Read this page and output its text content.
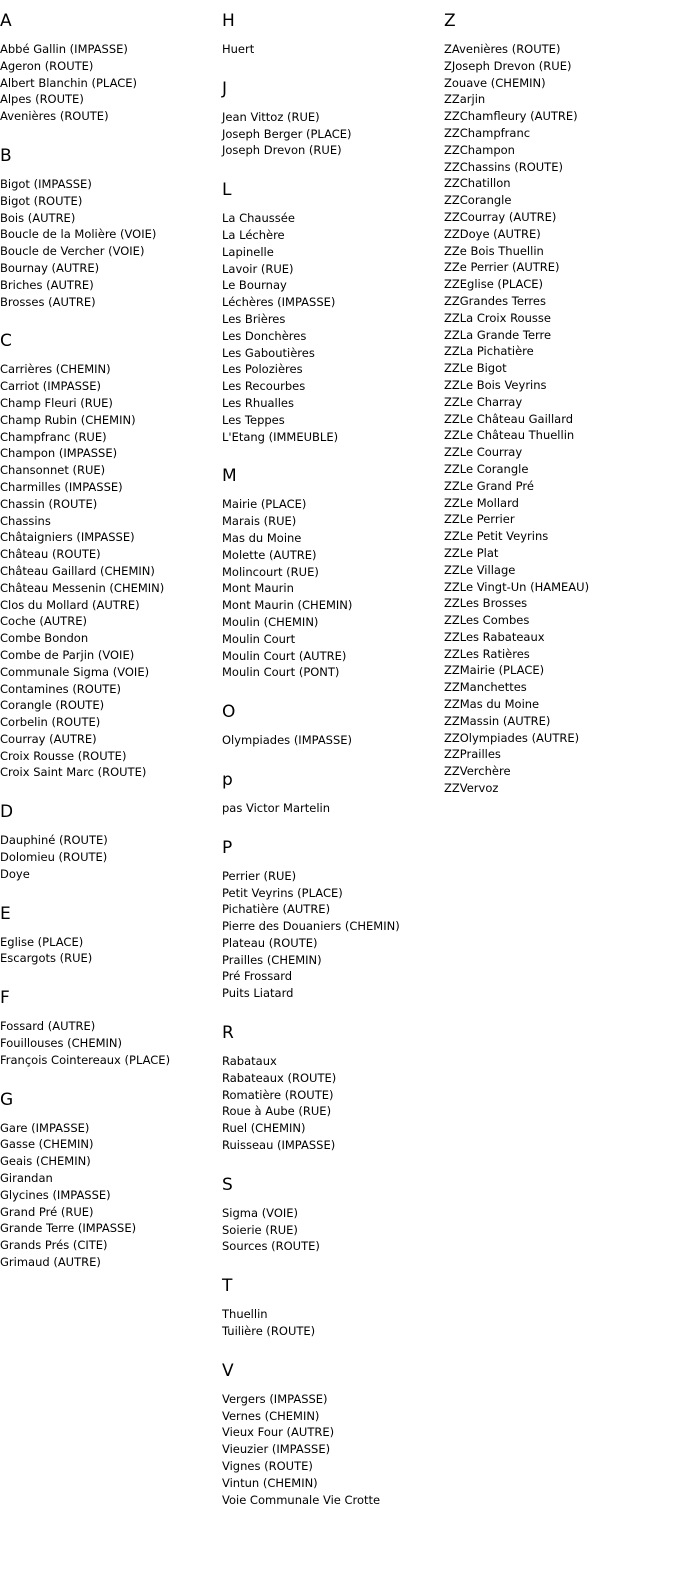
A
Abbé Gallin (IMPASSE)
Ageron (ROUTE)
Albert Blanchin (PLACE)
Alpes (ROUTE)
Avenières (ROUTE)
B
Bigot (IMPASSE)
Bigot (ROUTE)
Bois (AUTRE)
Boucle de la Molière (VOIE)
Boucle de Vercher (VOIE)
Bournay (AUTRE)
Briches (AUTRE)
Brosses (AUTRE)
C
Carrières (CHEMIN)
Carriot (IMPASSE)
Champ Fleuri (RUE)
Champ Rubin (CHEMIN)
Champfranc (RUE)
Champon (IMPASSE)
Chansonnet (RUE)
Charmilles (IMPASSE)
Chassin (ROUTE)
Chassins
Châtaigniers (IMPASSE)
Château (ROUTE)
Château Gaillard (CHEMIN)
Château Messenin (CHEMIN)
Clos du Mollard (AUTRE)
Coche (AUTRE)
Combe Bondon
Combe de Parjin (VOIE)
Communale Sigma (VOIE)
Contamines (ROUTE)
Corangle (ROUTE)
Corbelin (ROUTE)
Courray (AUTRE)
Croix Rousse (ROUTE)
Croix Saint Marc (ROUTE)
D
Dauphiné (ROUTE)
Dolomieu (ROUTE)
Doye
E
Eglise (PLACE)
Escargots (RUE)
F
Fossard (AUTRE)
Fouillouses (CHEMIN)
François Cointereaux (PLACE)
G
Gare (IMPASSE)
Gasse (CHEMIN)
Geais (CHEMIN)
Girandan
Glycines (IMPASSE)
Grand Pré (RUE)
Grande Terre (IMPASSE)
Grands Prés (CITE)
Grimaud (AUTRE)
H
Huert
J
Jean Vittoz (RUE)
Joseph Berger (PLACE)
Joseph Drevon (RUE)
L
La Chaussée
La Léchère
Lapinelle
Lavoir (RUE)
Le Bournay
Léchères (IMPASSE)
Les Brières
Les Donchères
Les Gaboutières
Les Polozières
Les Recourbes
Les Rhualles
Les Teppes
L'Etang (IMMEUBLE)
M
Mairie (PLACE)
Marais (RUE)
Mas du Moine
Molette (AUTRE)
Molincourt (RUE)
Mont Maurin
Mont Maurin (CHEMIN)
Moulin (CHEMIN)
Moulin Court
Moulin Court (AUTRE)
Moulin Court (PONT)
O
Olympiades (IMPASSE)
p
pas Victor Martelin
P
Perrier (RUE)
Petit Veyrins (PLACE)
Pichatière (AUTRE)
Pierre des Douaniers (CHEMIN)
Plateau (ROUTE)
Prailles (CHEMIN)
Pré Frossard
Puits Liatard
R
Rabataux
Rabateaux (ROUTE)
Romatière (ROUTE)
Roue à Aube (RUE)
Ruel (CHEMIN)
Ruisseau (IMPASSE)
S
Sigma (VOIE)
Soierie (RUE)
Sources (ROUTE)
T
Thuellin
Tuilière (ROUTE)
V
Vergers (IMPASSE)
Vernes (CHEMIN)
Vieux Four (AUTRE)
Vieuzier (IMPASSE)
Vignes (ROUTE)
Vintun (CHEMIN)
Voie Communale Vie Crotte
Z
ZAvenières (ROUTE)
ZJoseph Drevon (RUE)
Zouave (CHEMIN)
ZZarjin
ZZChamfleury (AUTRE)
ZZChampfranc
ZZChampon
ZZChassins (ROUTE)
ZZChatillon
ZZCorangle
ZZCourray (AUTRE)
ZZDoye (AUTRE)
ZZe Bois Thuellin
ZZe Perrier (AUTRE)
ZZEglise (PLACE)
ZZGrandes Terres
ZZLa Croix Rousse
ZZLa Grande Terre
ZZLa Pichatière
ZZLe Bigot
ZZLe Bois Veyrins
ZZLe Charray
ZZLe Château Gaillard
ZZLe Château Thuellin
ZZLe Courray
ZZLe Corangle
ZZLe Grand Pré
ZZLe Mollard
ZZLe Perrier
ZZLe Petit Veyrins
ZZLe Plat
ZZLe Village
ZZLe Vingt-Un (HAMEAU)
ZZLes Brosses
ZZLes Combes
ZZLes Rabateaux
ZZLes Ratières
ZZMairie (PLACE)
ZZManchettes
ZZMas du Moine
ZZMassin (AUTRE)
ZZOlympiades (AUTRE)
ZZPrailles
ZZVerchère
ZZVervoz
